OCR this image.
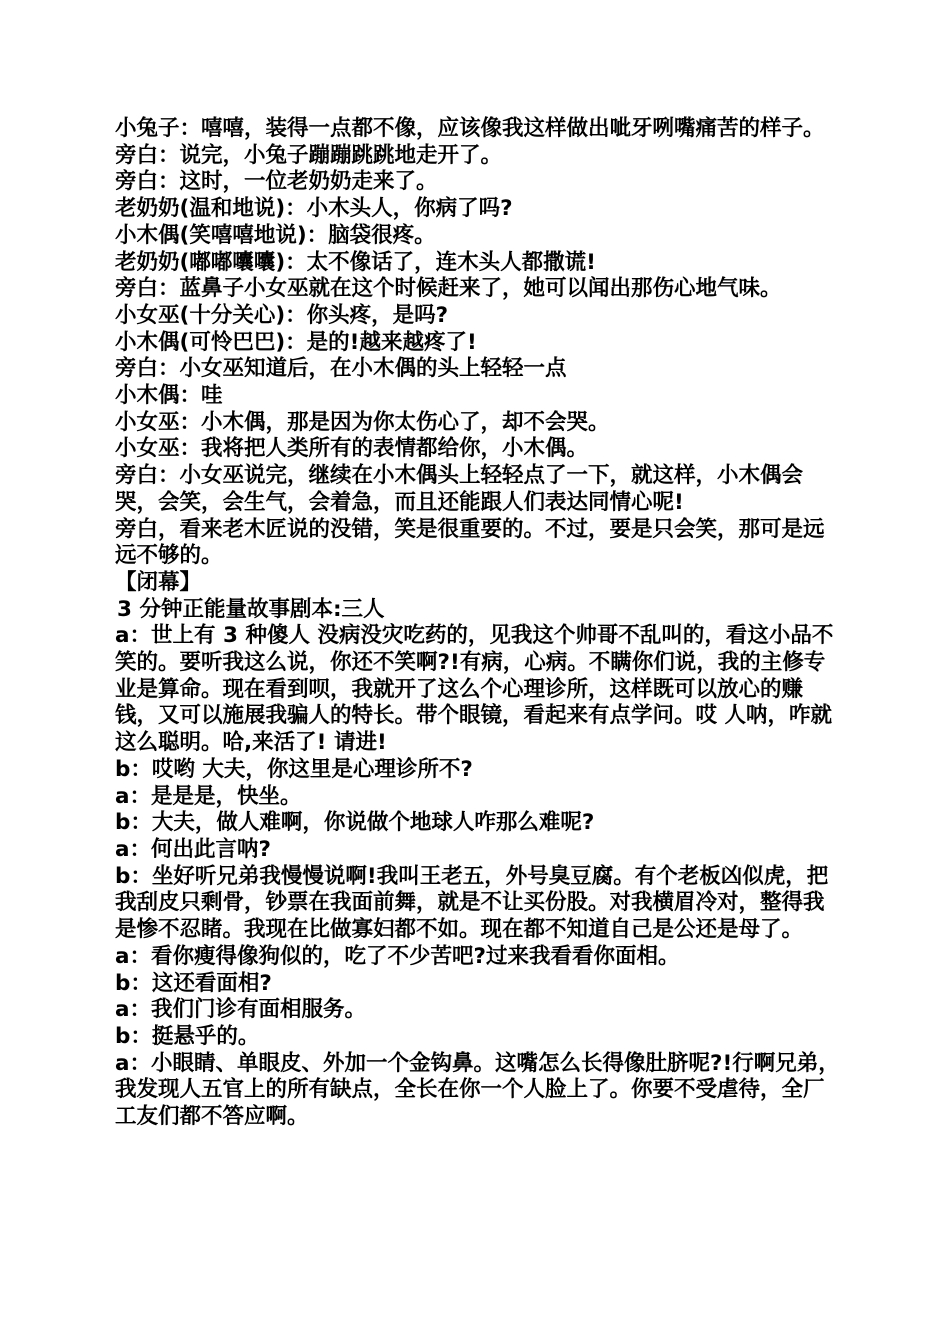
小兔子：嘻嘻，装得一点都不像，应该像我这样做出呲牙咧嘴痛苦的样子。

旁白：说完，小兔子蹦蹦跳跳地走开了。

旁白：这时，一位老奶奶走来了。

老奶奶(温和地说)：小木头人，你病了吗?

小木偶(笑嘻嘻地说)：脑袋很疼。

老奶奶(嘟嘟囔囔)：太不像话了，连木头人都撒谎!

旁白：蓝鼻子小女巫就在这个时候赶来了，她可以闻出那伤心地气味。

小女巫(十分关心)：你头疼，是吗?

小木偶(可怜巴巴)：是的!越来越疼了!

旁白：小女巫知道后，在小木偶的头上轻轻一点

小木偶：哇

小女巫：小木偶，那是因为你太伤心了，却不会哭。

小女巫：我将把人类所有的表情都给你，小木偶。

旁白：小女巫说完，继续在小木偶头上轻轻点了一下，就这样，小木偶会哭，会笑，会生气，会着急，而且还能跟人们表达同情心呢!

旁白，看来老木匠说的没错，笑是很重要的。不过，要是只会笑，那可是远远不够的。

【闭幕】

3 分钟正能量故事剧本:三人

a：世上有 3 种傻人 没病没灾吃药的，见我这个帅哥不乱叫的，看这小品不笑的。要听我这么说，你还不笑啊?!有病，心病。不瞒你们说，我的主修专业是算命。现在看到呗，我就开了这么个心理诊所，这样既可以放心的赚钱，又可以施展我骗人的特长。带个眼镜，看起来有点学问。哎 人呐，咋就这么聪明。哈,来活了! 请进!

b：哎哟 大夫，你这里是心理诊所不?

a：是是是，快坐。

b：大夫，做人难啊，你说做个地球人咋那么难呢?

a：何出此言呐?

b：坐好听兄弟我慢慢说啊!我叫王老五，外号臭豆腐。有个老板凶似虎，把我刮皮只剩骨，钞票在我面前舞，就是不让买份股。对我横眉冷对，整得我是惨不忍睹。我现在比做寡妇都不如。现在都不知道自己是公还是母了。

a：看你瘦得像狗似的，吃了不少苦吧?过来我看看你面相。

b：这还看面相?

a：我们门诊有面相服务。

b：挺悬乎的。

a：小眼睛、单眼皮、外加一个金钩鼻。这嘴怎么长得像肚脐呢?!行啊兄弟，我发现人五官上的所有缺点，全长在你一个人脸上了。你要不受虐待，全厂工友们都不答应啊。
